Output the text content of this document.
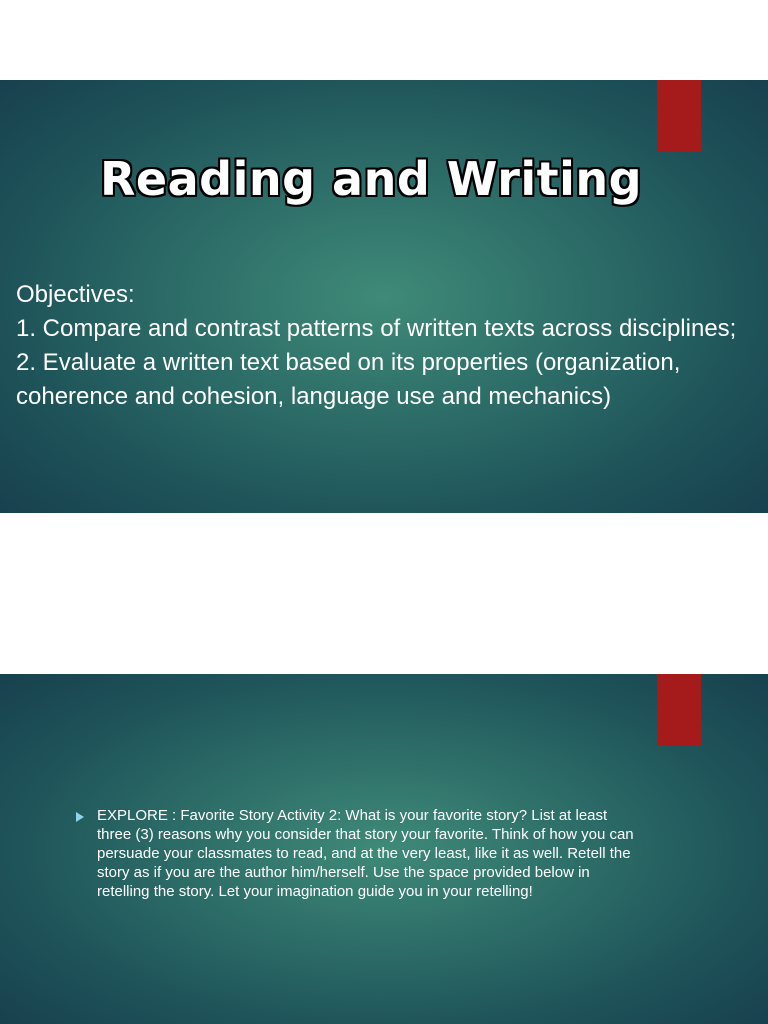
Reading and Writing

Objectives:

1. Compare and contrast patterns of written texts across disciplines;

2. Evaluate a written text based on its properties (organization, coherence and cohesion, language use and mechanics)

EXPLORE : Favorite Story Activity 2: What is your favorite story? List at least three (3) reasons why you consider that story your favorite. Think of how you can persuade your classmates to read, and at the very least, like it as well. Retell the story as if you are the author him/herself. Use the space provided below in retelling the story. Let your imagination guide you in your retelling!
